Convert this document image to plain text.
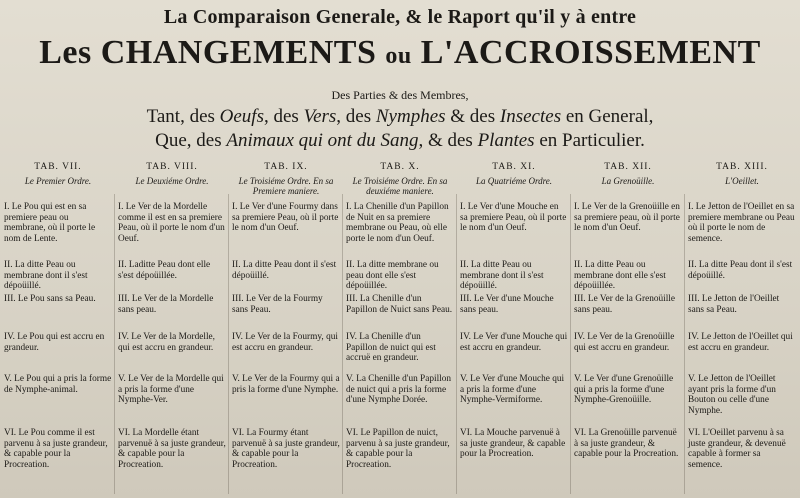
La Comparaison Generale, & le Raport qu'il y à entre
Les CHANGEMENTS ou L'ACCROISSEMENT
Des Parties & des Membres,
Tant, des Oeufs, des Vers, des Nymphes & des Insectes en General,
Que, des Animaux qui ont du Sang, & des Plantes en Particulier.
TAB. VII.
Le Premier Ordre.
I. Le Pou qui est en sa premiere peau ou membrane, où il porte le nom de Lente.
II. La ditte Peau ou membrane dont il s'est dépoüillé.
III. Le Pou sans sa Peau.
IV. Le Pou qui est accru en grandeur.
V. Le Pou qui a pris la forme de Nymphe-animal.
VI. Le Pou comme il est parvenu à sa juste grandeur, & capable pour la Procreation.
TAB. VIII.
Le Deuxiéme Ordre.
I. Le Ver de la Mordelle comme il est en sa premiere Peau, où il porte le nom d'un Oeuf.
II. Laditte Peau dont elle s'est dépoüillée.
III. Le Ver de la Mordelle sans peau.
IV. Le Ver de la Mordelle, qui est accru en grandeur.
V. Le Ver de la Mordelle qui a pris la forme d'une Nymphe-Ver.
VI. La Mordelle étant parvenuë à sa juste grandeur, & capable pour la Procreation.
TAB. IX.
Le Troisiéme Ordre. En sa Premiere maniere.
I. Le Ver d'une Fourmy dans sa premiere Peau, où il porte le nom d'un Oeuf.
II. La ditte Peau dont il s'est dépoüillé.
III. Le Ver de la Fourmy sans Peau.
IV. Le Ver de la Fourmy, qui est accru en grandeur.
V. Le Ver de la Fourmy qui a pris la forme d'une Nymphe.
VI. La Fourmy étant parvenuë à sa juste grandeur, & capable pour la Procreation.
TAB. X.
Le Troisiéme Ordre. En sa deuxiéme maniere.
I. La Chenille d'un Papillon de Nuit en sa premiere membrane ou Peau, où elle porte le nom d'un Oeuf.
II. La ditte membrane ou peau dont elle s'est dépoüillée.
III. La Chenille d'un Papillon de Nuict sans Peau.
IV. La Chenille d'un Papillon de nuict qui est accruë en grandeur.
V. La Chenille d'un Papillon de nuict qui a pris la forme d'une Nymphe Dorée.
VI. Le Papillon de nuict, parvenu à sa juste grandeur, & capable pour la Procreation.
TAB. XI.
La Quatriéme Ordre.
I. Le Ver d'une Mouche en sa premiere Peau, où il porte le nom d'un Oeuf.
II. La ditte Peau ou membrane dont il s'est dépoüillé.
III. Le Ver d'une Mouche sans peau.
IV. Le Ver d'une Mouche qui est accru en grandeur.
V. Le Ver d'une Mouche qui a pris la forme d'une Nymphe-Vermiforme.
VI. La Mouche parvenuë à sa juste grandeur, & capable pour la Procreation.
TAB. XII.
La Grenoüille.
I. Le Ver de la Grenoüille en sa premiere peau, où il porte le nom d'un Oeuf.
II. La ditte Peau ou membrane dont elle s'est dépoüillée.
III. Le Ver de la Grenoüille sans peau.
IV. Le Ver de la Grenoüille qui est accru en grandeur.
V. Le Ver d'une Grenoüille qui a pris la forme d'une Nymphe-Grenoüille.
VI. La Grenoüille parvenuë à sa juste grandeur, & capable pour la Procreation.
TAB. XIII.
L'Oeillet.
I. Le Jetton de l'Oeillet en sa premiere membrane ou Peau où il porte le nom de semence.
II. La ditte Peau dont il s'est dépoüillé.
III. Le Jetton de l'Oeillet sans sa Peau.
IV. Le Jetton de l'Oeillet qui est accru en grandeur.
V. Le Jetton de l'Oeillet ayant pris la forme d'un Bouton ou celle d'une Nymphe.
VI. L'Oeillet parvenu à sa juste grandeur, & devenuë capable à former sa semence.
